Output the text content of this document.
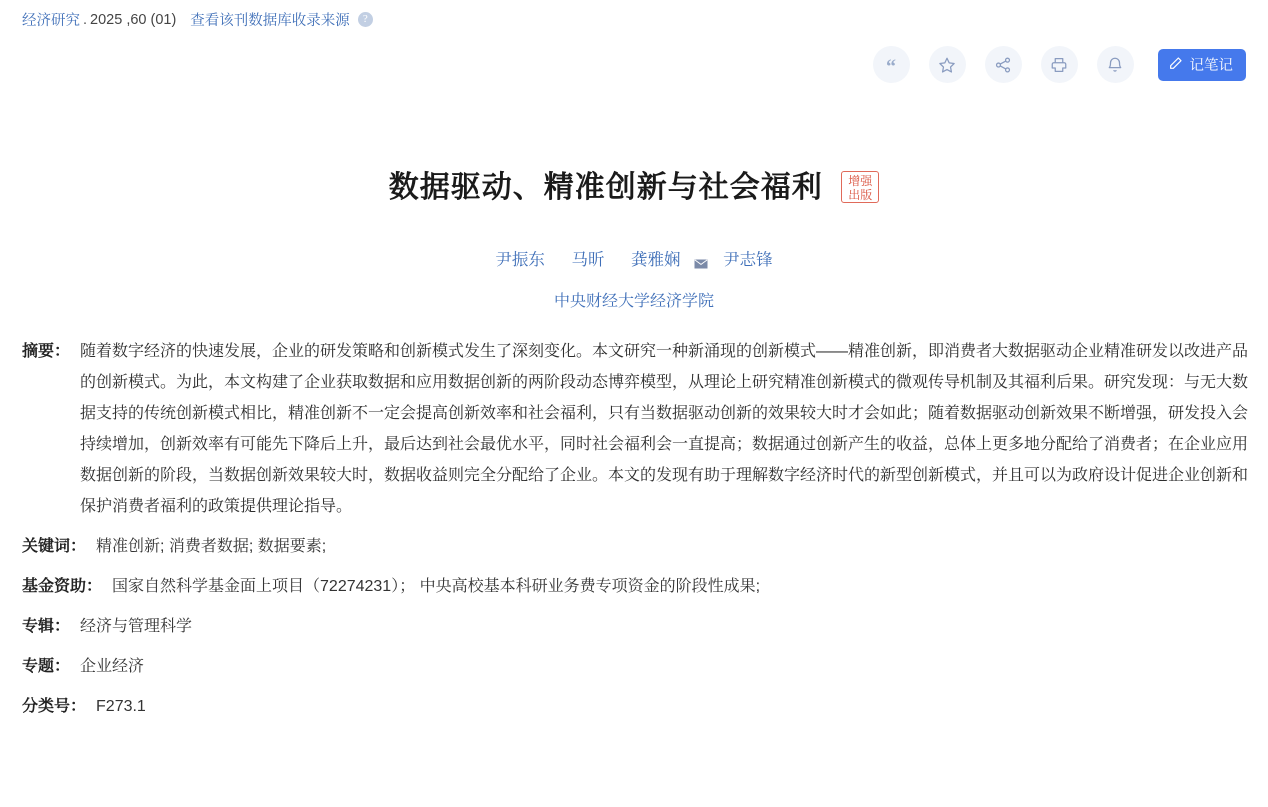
经济研究 . 2025 ,60 (01) 查看该刊数据库收录来源	?
“	记笔记
数据驱动、精准创新与社会福利	增强
出版
尹振东 马昕 龚雅娴	尹志锋
中央财经大学经济学院
摘要： 随着数字经济的快速发展，企业的研发策略和创新模式发生了深刻变化。本文研究一种新涌现的创新模式——精准创新，即消费者大数据驱动企业精准研发以改进产品的创新模式。为此，本文构建了企业获取数据和应用数据创新的两阶段动态博弈模型，从理论上研究精准创新模式的微观传导机制及其福利后果。研究发现：与无大数据支持的传统创新模式相比，精准创新不一定会提高创新效率和社会福利，只有当数据驱动创新的效果较大时才会如此；随着数据驱动创新效果不断增强，研发投入会持续增加，创新效率有可能先下降后上升，最后达到社会最优水平，同时社会福利会一直提高；数据通过创新产生的收益，总体上更多地分配给了消费者；在企业应用数据创新的阶段，当数据创新效果较大时，数据收益则完全分配给了企业。本文的发现有助于理解数字经济时代的新型创新模式，并且可以为政府设计促进企业创新和保护消费者福利的政策提供理论指导。
关键词： 精准创新; 消费者数据; 数据要素;
基金资助： 国家自然科学基金面上项目（72274231）； 中央高校基本科研业务费专项资金的阶段性成果;
专辑： 经济与管理科学
专题： 企业经济
分类号： F273.1
